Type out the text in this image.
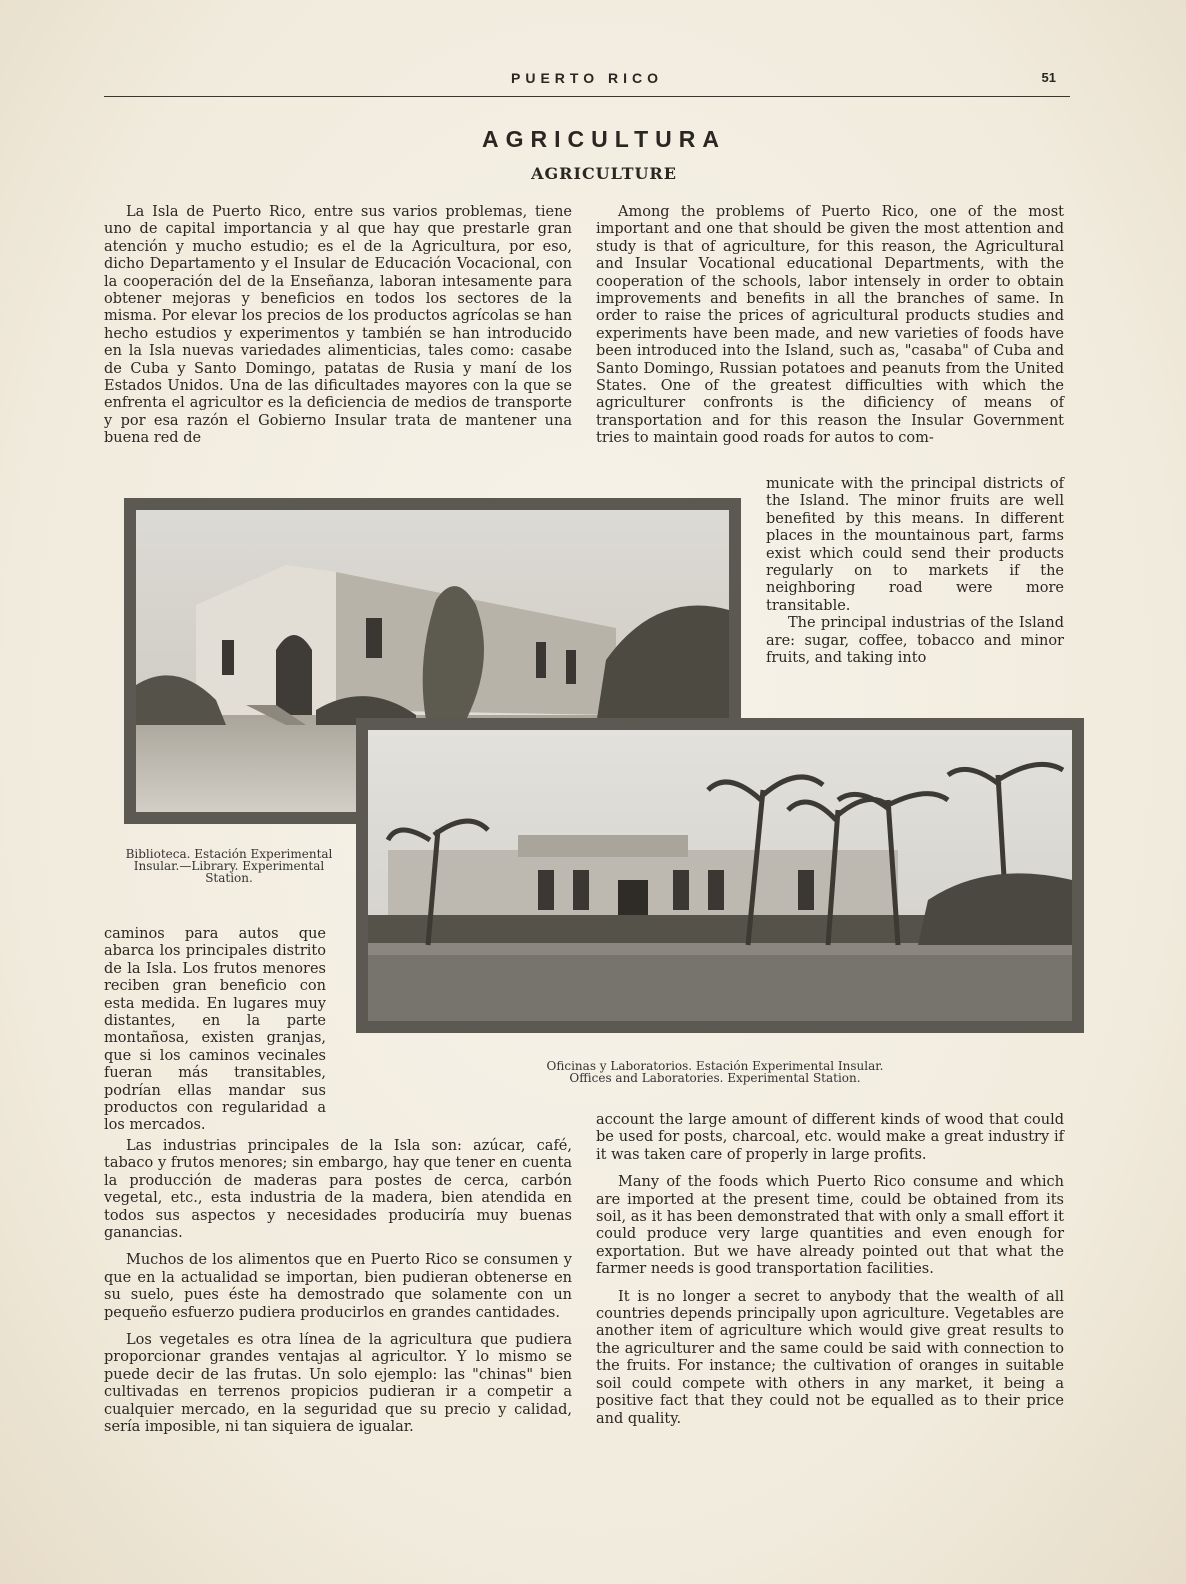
PUERTO RICO	51
AGRICULTURA
AGRICULTURE

La Isla de Puerto Rico, entre sus varios problemas, tiene uno de capital importancia y al que hay que prestarle gran atención y mucho estudio; es el de la Agricultura, por eso, dicho Departamento y el Insular de Educación Vocacional, con la cooperación del de la Enseñanza, laboran intesamente para obtener mejoras y beneficios en todos los sectores de la misma. Por elevar los precios de los productos agrícolas se han hecho estudios y experimentos y también se han introducido en la Isla nuevas variedades alimenticias, tales como: casabe de Cuba y Santo Domingo, patatas de Rusia y maní de los Estados Unidos. Una de las dificultades mayores con la que se enfrenta el agricultor es la deficiencia de medios de transporte y por esa razón el Gobierno Insular trata de mantener una buena red de

Among the problems of Puerto Rico, one of the most important and one that should be given the most attention and study is that of agriculture, for this reason, the Agricultural and Insular Vocational educational Departments, with the cooperation of the schools, labor intensely in order to obtain improvements and benefits in all the branches of same. In order to raise the prices of agricultural products studies and experiments have been made, and new varieties of foods have been introduced into the Island, such as, "casaba" of Cuba and Santo Domingo, Russian potatoes and peanuts from the United States. One of the greatest difficulties with which the agriculturer confronts is the dificiency of means of transportation and for this reason the Insular Government tries to maintain good roads for autos to com-

municate with the principal districts of the Island. The minor fruits are well benefited by this means. In different places in the mountainous part, farms exist which could send their products regularly on to markets if the neighboring road were more transitable.

The principal industrias of the Island are: sugar, coffee, tobacco and minor fruits, and taking into

Biblioteca. Estación Experimental Insular.—Library. Experimental Station.
Oficinas y Laboratorios. Estación Experimental Insular.
Offices and Laboratories. Experimental Station.

caminos para autos que abarca los principales distrito de la Isla. Los frutos menores reciben gran beneficio con esta medida. En lugares muy distantes, en la parte montañosa, existen granjas, que si los caminos vecinales fueran más transitables, podrían ellas mandar sus productos con regularidad a los mercados.

Las industrias principales de la Isla son: azúcar, café, tabaco y frutos menores; sin embargo, hay que tener en cuenta la producción de maderas para postes de cerca, carbón vegetal, etc., esta industria de la madera, bien atendida en todos sus aspectos y necesidades produciría muy buenas ganancias.

Muchos de los alimentos que en Puerto Rico se consumen y que en la actualidad se importan, bien pudieran obtenerse en su suelo, pues éste ha demostrado que solamente con un pequeño esfuerzo pudiera producirlos en grandes cantidades.

Los vegetales es otra línea de la agricultura que pudiera proporcionar grandes ventajas al agricultor. Y lo mismo se puede decir de las frutas. Un solo ejemplo: las "chinas" bien cultivadas en terrenos propicios pudieran ir a competir a cualquier mercado, en la seguridad que su precio y calidad, sería imposible, ni tan siquiera de igualar.

account the large amount of different kinds of wood that could be used for posts, charcoal, etc. would make a great industry if it was taken care of properly in large profits.

Many of the foods which Puerto Rico consume and which are imported at the present time, could be obtained from its soil, as it has been demonstrated that with only a small effort it could produce very large quantities and even enough for exportation. But we have already pointed out that what the farmer needs is good transportation facilities.

It is no longer a secret to anybody that the wealth of all countries depends principally upon agriculture. Vegetables are another item of agriculture which would give great results to the agriculturer and the same could be said with connection to the fruits. For instance; the cultivation of oranges in suitable soil could compete with others in any market, it being a positive fact that they could not be equalled as to their price and quality.
